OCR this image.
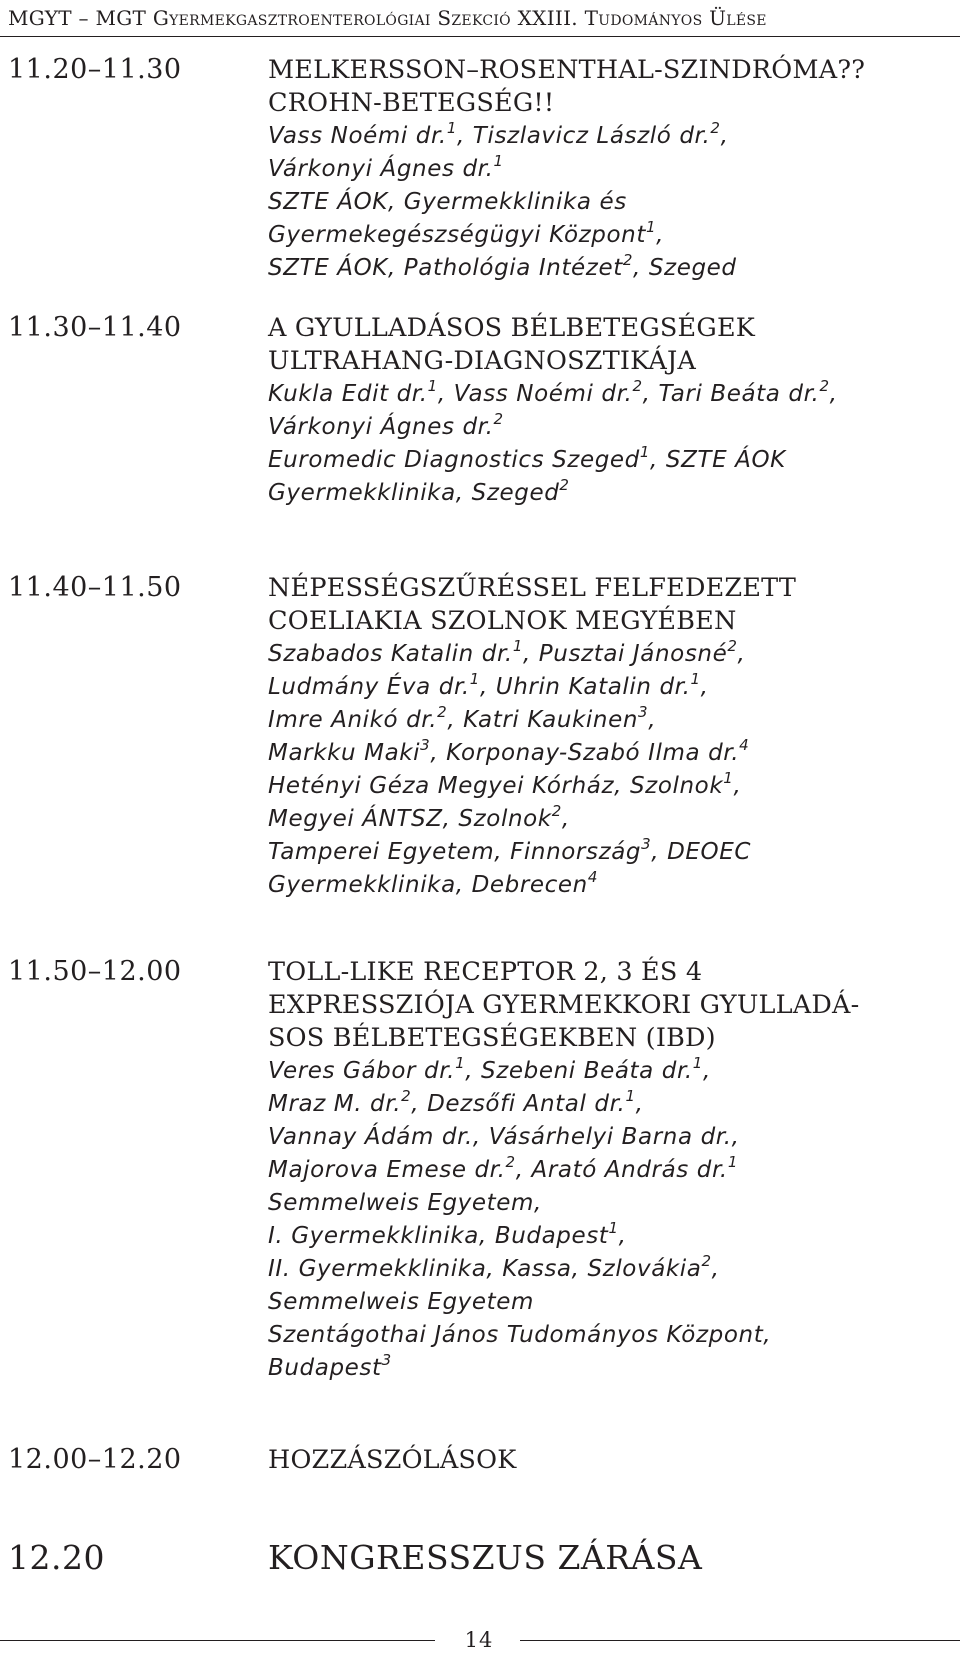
MGYT – MGT Gyermekgasztroenterológiai Szekció XXIII. Tudományos Ülése
11.20–11.30	MELKERSSON–ROSENTHAL-SZINDRÓMA??
CROHN-BETEGSÉG!!
Vass Noémi dr.$^1$, Tiszlavicz László dr.$^2$,
Várkonyi Ágnes dr.$^1$
SZTE ÁOK, Gyermekklinika és
Gyermekegészségügyi Központ$^1$,
SZTE ÁOK, Pathológia Intézet$^2$, Szeged
11.30–11.40	A GYULLADÁSOS BÉLBETEGSÉGEK
ULTRAHANG-DIAGNOSZTIKÁJA
Kukla Edit dr.$^1$, Vass Noémi dr.$^2$, Tari Beáta dr.$^2$,
Várkonyi Ágnes dr.$^2$
Euromedic Diagnostics Szeged$^1$, SZTE ÁOK
Gyermekklinika, Szeged$^2$
11.40–11.50	NÉPESSÉGSZŰRÉSSEL FELFEDEZETT
COELIAKIA SZOLNOK MEGYÉBEN
Szabados Katalin dr.$^1$, Pusztai Jánosné$^2$,
Ludmány Éva dr.$^1$, Uhrin Katalin dr.$^1$,
Imre Anikó dr.$^2$, Katri Kaukinen$^3$,
Markku Maki$^3$, Korponay-Szabó Ilma dr.$^4$
Hetényi Géza Megyei Kórház, Szolnok$^1$,
Megyei ÁNTSZ, Szolnok$^2$,
Tamperei Egyetem, Finnország$^3$, DEOEC
Gyermekklinika, Debrecen$^4$
11.50–12.00	TOLL-LIKE RECEPTOR 2, 3 ÉS 4
EXPRESSZIÓJA GYERMEKKORI GYULLADÁ-
SOS BÉLBETEGSÉGEKBEN (IBD)
Veres Gábor dr.$^1$, Szebeni Beáta dr.$^1$,
Mraz M. dr.$^2$, Dezsőfi Antal dr.$^1$,
Vannay Ádám dr., Vásárhelyi Barna dr.,
Majorova Emese dr.$^2$, Arató András dr.$^1$
Semmelweis Egyetem,
I. Gyermekklinika, Budapest$^1$,
II. Gyermekklinika, Kassa, Szlovákia$^2$,
Semmelweis Egyetem
Szentágothai János Tudományos Központ,
Budapest$^3$
12.00–12.20	HOZZÁSZÓLÁSOK
12.20	KONGRESSZUS ZÁRÁSA
14
